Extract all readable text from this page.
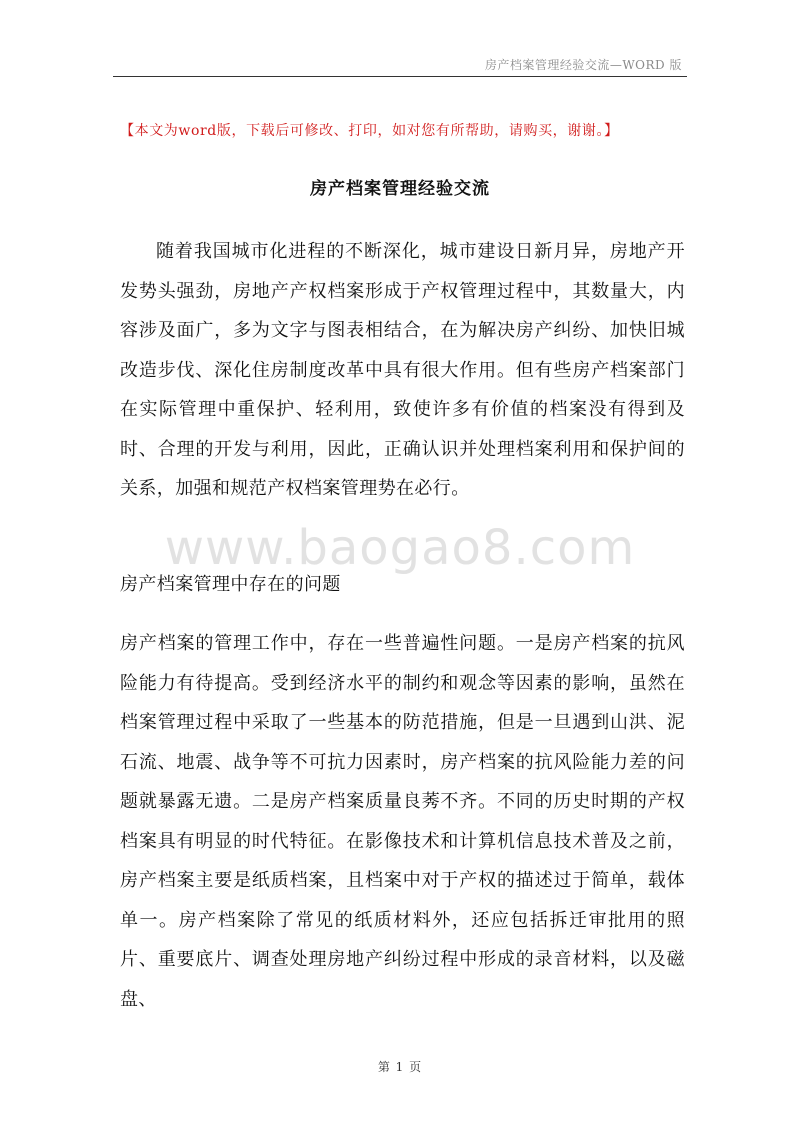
房产档案管理经验交流—WORD 版
【本文为word版，下载后可修改、打印，如对您有所帮助，请购买，谢谢。】
房产档案管理经验交流

随着我国城市化进程的不断深化，城市建设日新月异，房地产开发势头强劲，房地产产权档案形成于产权管理过程中，其数量大，内容涉及面广，多为文字与图表相结合，在为解决房产纠纷、加快旧城改造步伐、深化住房制度改革中具有很大作用。但有些房产档案部门在实际管理中重保护、轻利用，致使许多有价值的档案没有得到及时、合理的开发与利用，因此，正确认识并处理档案利用和保护间的关系，加强和规范产权档案管理势在必行。

www.baogao8.com
房产档案管理中存在的问题

房产档案的管理工作中，存在一些普遍性问题。一是房产档案的抗风险能力有待提高。受到经济水平的制约和观念等因素的影响，虽然在档案管理过程中采取了一些基本的防范措施，但是一旦遇到山洪、泥石流、地震、战争等不可抗力因素时，房产档案的抗风险能力差的问题就暴露无遗。二是房产档案质量良莠不齐。不同的历史时期的产权档案具有明显的时代特征。在影像技术和计算机信息技术普及之前，房产档案主要是纸质档案，且档案中对于产权的描述过于简单，载体单一。房产档案除了常见的纸质材料外，还应包括拆迁审批用的照片、重要底片、调查处理房地产纠纷过程中形成的录音材料，以及磁盘、

第 1 页
